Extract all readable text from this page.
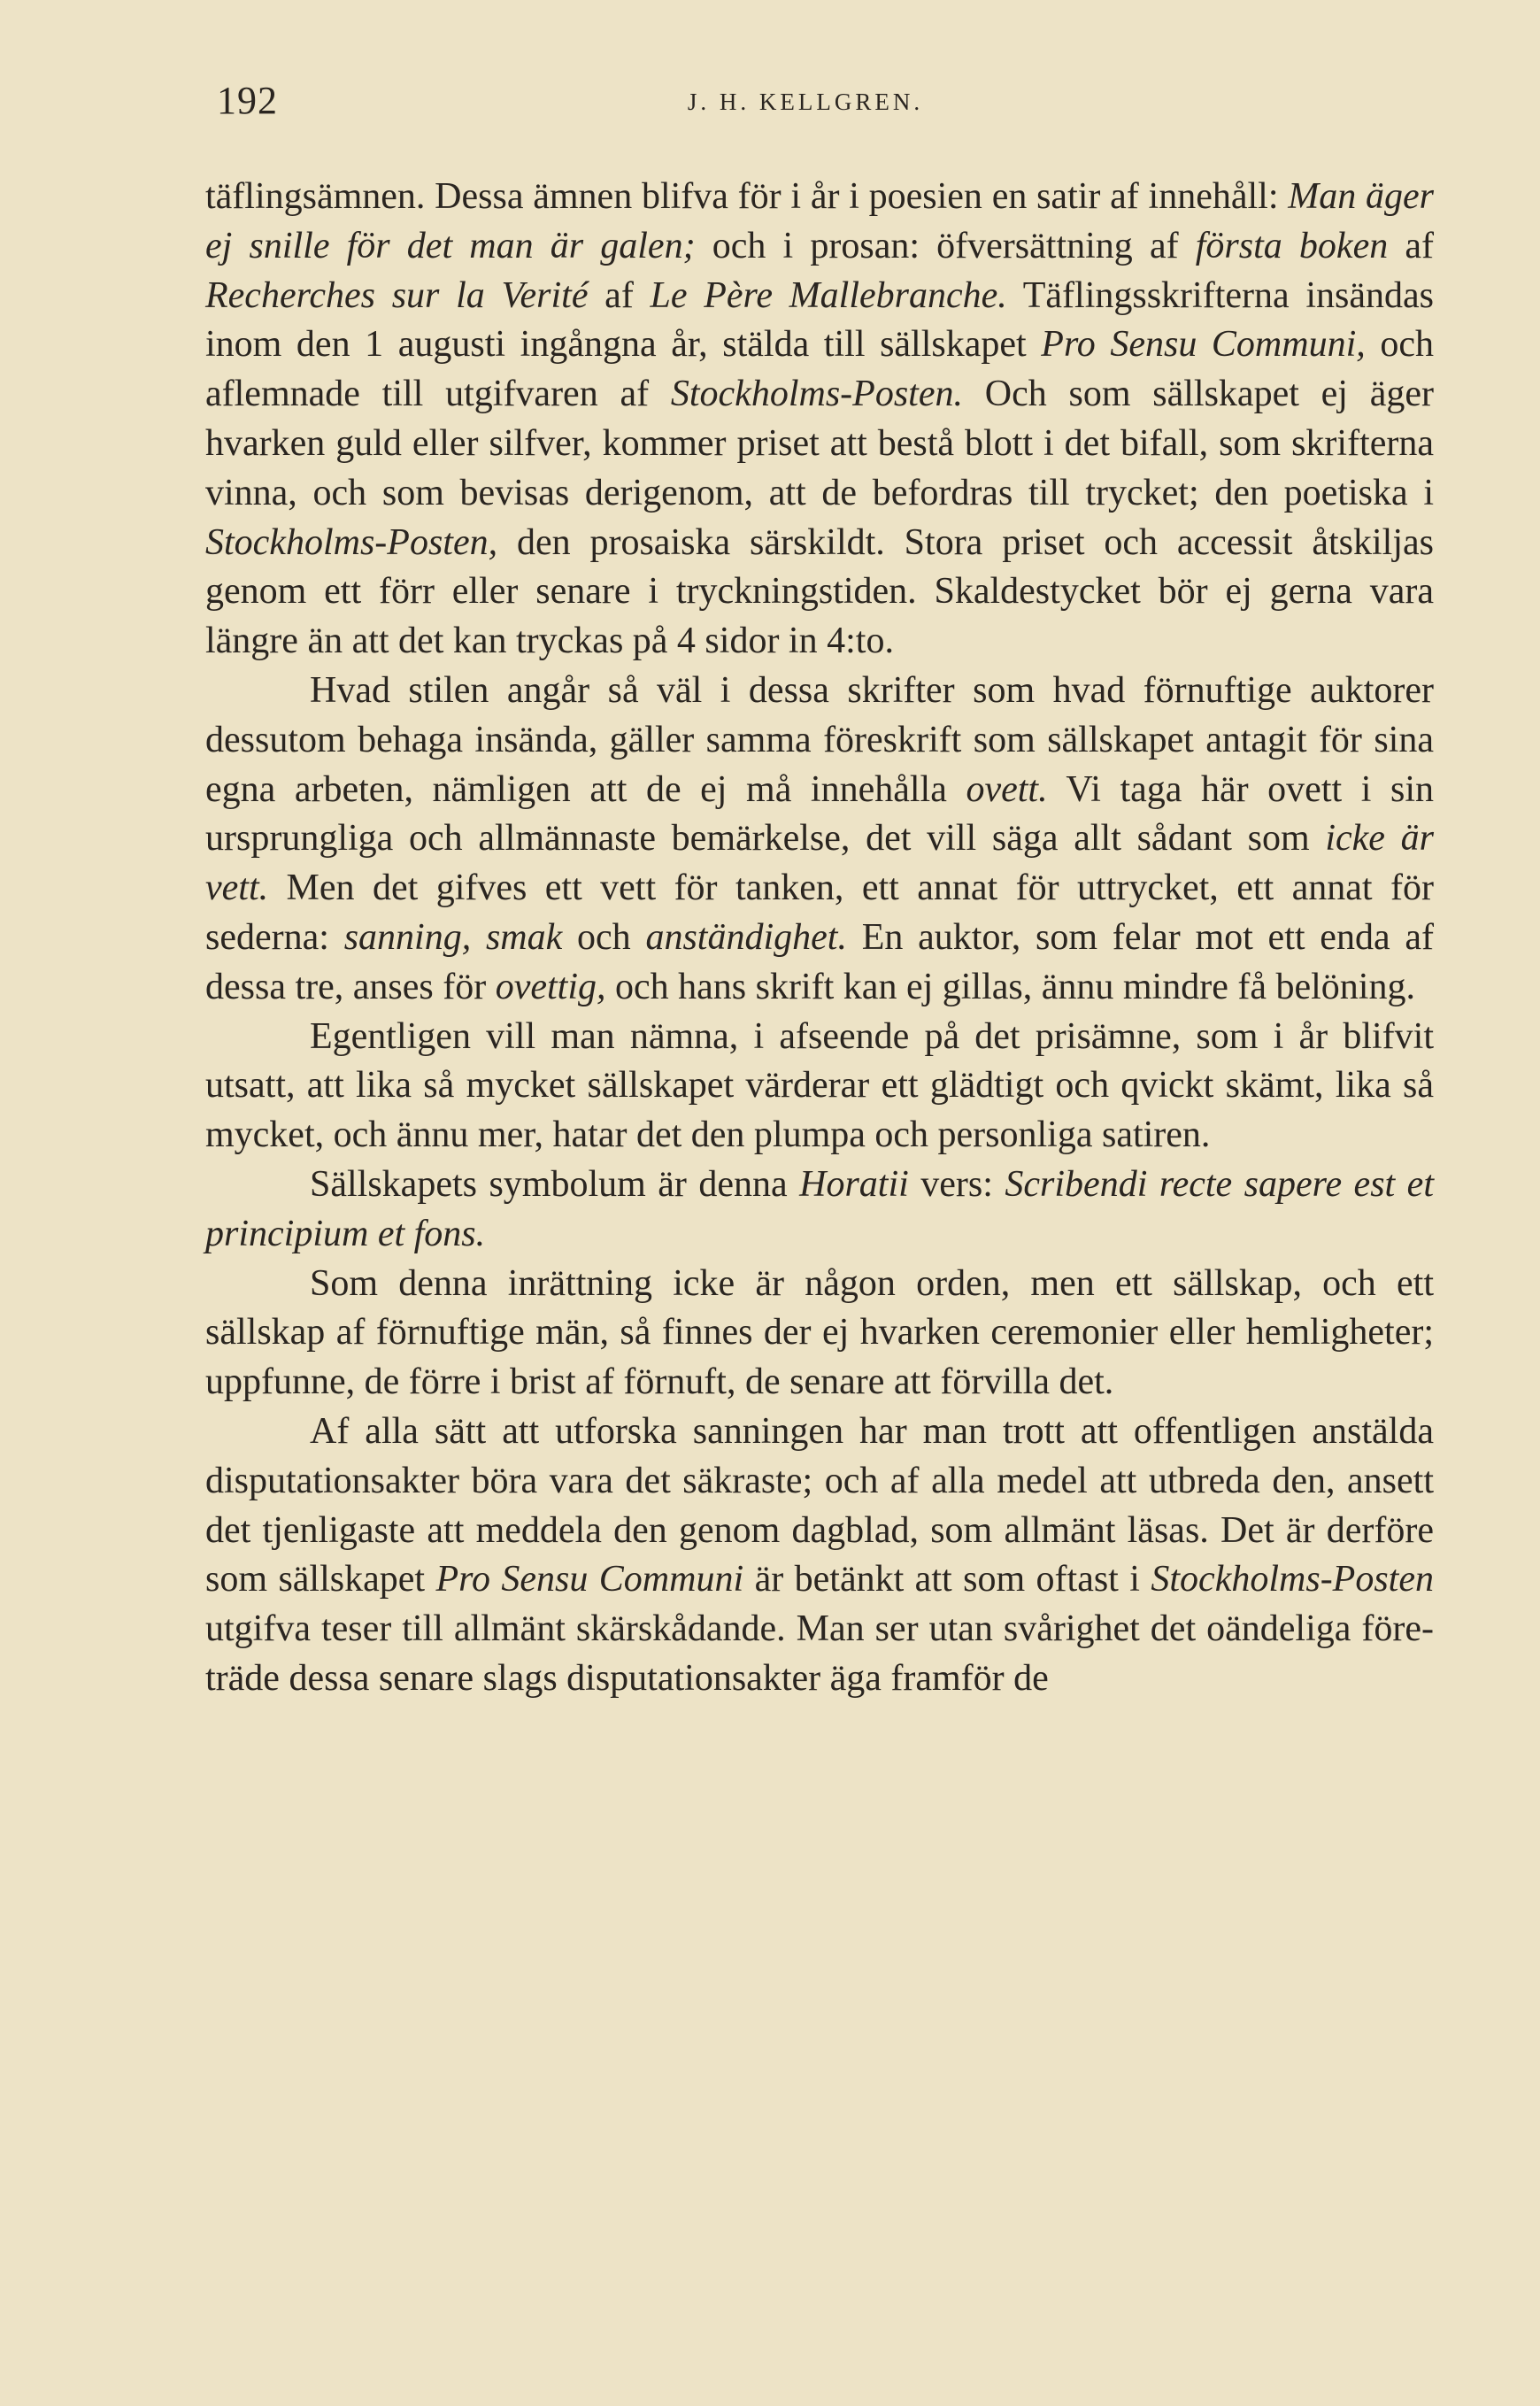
192	J. H. KELLGREN.

täflingsämnen. Dessa ämnen blifva för i år i poesien en satir af innehåll: Man äger ej snille för det man är galen; och i prosan: öfversättning af första boken af Recherches sur la Verité af Le Père Mallebranche. Täflingsskrifterna insändas inom den 1 augusti ingångna år, stälda till sällskapet Pro Sensu Communi, och aflemnade till utgifvaren af Stockholms-Posten. Och som sällskapet ej äger hvarken guld eller silfver, kommer priset att bestå blott i det bifall, som skrifterna vinna, och som bevisas derigenom, att de befordras till trycket; den poetiska i Stockholms-Posten, den prosaiska särskildt. Stora priset och accessit åtskiljas genom ett förr eller senare i tryckningstiden. Skaldestycket bör ej gerna vara längre än att det kan tryckas på 4 sidor in 4:to.

Hvad stilen angår så väl i dessa skrifter som hvad förnuftige auktorer dessutom behaga insända, gäller samma föreskrift som sällskapet antagit för sina egna arbeten, nämligen att de ej må innehålla ovett. Vi taga här ovett i sin ursprungliga och allmännaste bemärkelse, det vill säga allt sådant som icke är vett. Men det gifves ett vett för tanken, ett annat för uttrycket, ett annat för sederna: sanning, smak och anständighet. En auktor, som felar mot ett enda af dessa tre, anses för ovettig, och hans skrift kan ej gillas, ännu mindre få belöning.

Egentligen vill man nämna, i afseende på det prisämne, som i år blifvit utsatt, att lika så mycket sällskapet värderar ett glädtigt och qvickt skämt, lika så mycket, och ännu mer, hatar det den plumpa och personliga satiren.

Sällskapets symbolum är denna Horatii vers: Scribendi recte sapere est et principium et fons.

Som denna inrättning icke är någon orden, men ett sällskap, och ett sällskap af förnuftige män, så finnes der ej hvarken ceremonier eller hemligheter; uppfunne, de förre i brist af förnuft, de senare att förvilla det.

Af alla sätt att utforska sanningen har man trott att offentligen anstälda disputationsakter böra vara det säkraste; och af alla medel att utbreda den, ansett det tjenligaste att meddela den genom dagblad, som allmänt läsas. Det är derföre som sällskapet Pro Sensu Communi är betänkt att som oftast i Stockholms-Posten utgifva teser till allmänt skärskådande. Man ser utan svårighet det oändeliga företräde dessa senare slags disputationsakter äga framför de
